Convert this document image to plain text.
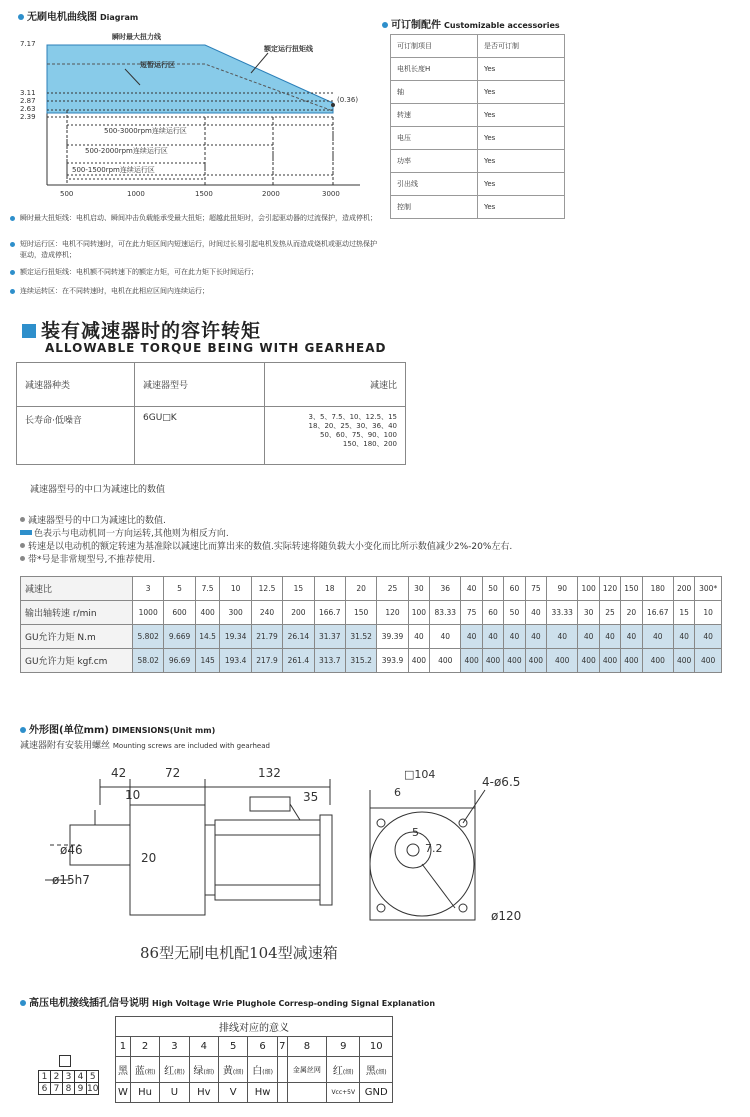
无刷电机曲线图 Diagram
7.17
3.11
2.87
2.63
2.39
500	1000	1500	2000	3000
瞬时最大扭力线
额定运行扭矩线
短暂运行区
(0.36)
500-3000rpm连续运行区
500-2000rpm连续运行区
500-1500rpm连续运行区
瞬时最大扭矩线：电机启动、瞬间冲击负载能承受最大扭矩；超越此扭矩时，会引起驱动器的过流保护，造成停机；
短时运行区：电机不同转速时，可在此力矩区间内短速运行，时间过长易引起电机发热从而造成烧机或驱动过热保护驱动，造成停机；
额定运行扭矩线：电机额不同转速下的额定力矩，可在此力矩下长时间运行；
连续运转区：在不同转速时，电机在此相应区间内连续运行；
可订制配件 Customizable accessories
可订制项目	是否可订制
电机长度H	Yes
轴	Yes
转速	Yes
电压	Yes
功率	Yes
引出线	Yes
控制	Yes
装有减速器时的容许转矩
ALLOWABLE TORQUE BEING WITH GEARHEAD
减速器种类	减速器型号	减速比
长寿命·低噪音	6GU□K	3、5、7.5、10、12.5、15
18、20、25、30、36、40
50、60、75、90、100
150、180、200
减速器型号的中口为减速比的数值
减速器型号的中口为减速比的数值.
色表示与电动机同一方向运转,其他则为相反方向.
转速是以电动机的额定转速为基准除以减速比而算出来的数值.实际转速将随负载大小变化而比所示数值减少2%-20%左右.
带*号是非常规型号,不推荐使用.
减速比	3	5	7.5	10	12.5	15	18	20	25	30	36	40	50	60	75	90	100	120	150	180	200	300*
输出轴转速 r/min	1000	600	400	300	240	200	166.7	150	120	100	83.33	75	60	50	40	33.33	30	25	20	16.67	15	10
GU允许力矩 N.m	5.802	9.669	14.5	19.34	21.79	26.14	31.37	31.52	39.39	40	40	40	40	40	40	40	40	40	40	40	40	40
GU允许力矩 kgf.cm	58.02	96.69	145	193.4	217.9	261.4	313.7	315.2	393.9	400	400	400	400	400	400	400	400	400	400	400	400	400
外形图(单位mm) DIMENSIONS(Unit mm)
减速器附有安装用螺丝 Mounting screws are included with gearhead
42	72	132
10	35
ø46
20
ø15h7
□104
4-ø6.5
6
5
7.2
ø120
86型无刷电机配104型减速箱
高压电机接线插孔信号说明 High Voltage Wrie Plughole Corresp-onding Signal Explanation
1	2	3	4	5
6	7	8	9	10
排线对应的意义									
1	2	3	4	5	6	7	8	9	10
黑	蓝(粗)	红(粗)	绿(细)	黄(细)	白(细)		金属丝网	红(细)	黑(细)
W	Hu	U	Hv	V	Hw			Vcc+5V	GND
